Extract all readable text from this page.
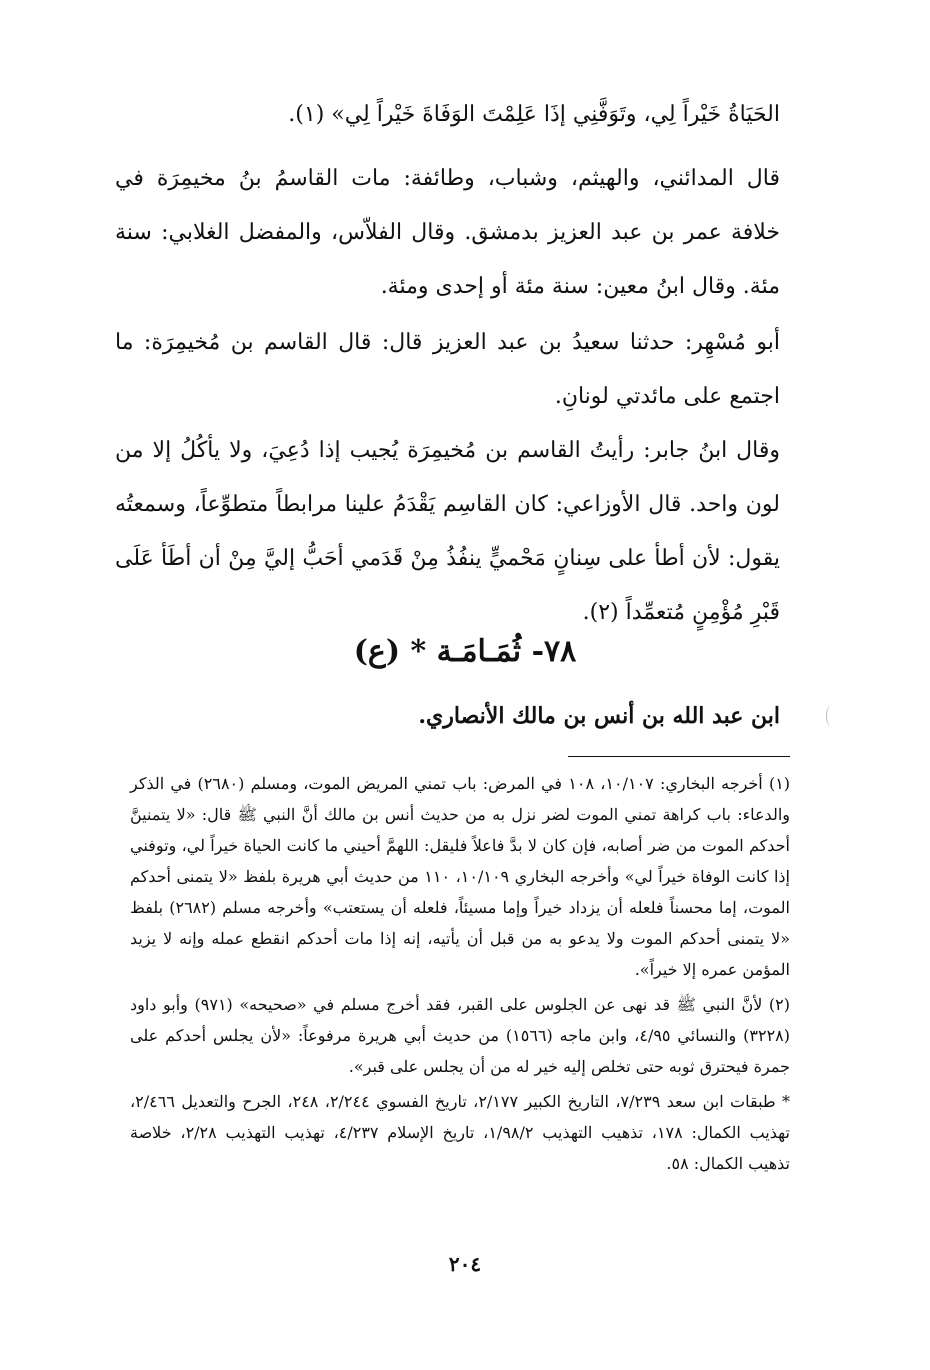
الحَيَاةُ خَيْراً لِي، وتَوَفَّنِي إذَا عَلِمْتَ الوَفَاةَ خَيْراً لِي» (١).

قال المدائني، والهيثم، وشباب، وطائفة: مات القاسمُ بنُ مخيمِرَة في خلافة عمر بن عبد العزيز بدمشق. وقال الفلاّس، والمفضل الغلابي: سنة مئة. وقال ابنُ معين: سنة مئة أو إحدى ومئة.

أبو مُسْهِر: حدثنا سعيدُ بن عبد العزيز قال: قال القاسم بن مُخيمِرَة: ما اجتمع على مائدتي لونانِ.

وقال ابنُ جابر: رأيتُ القاسم بن مُخيمِرَة يُجيب إذا دُعِيَ، ولا يأكُلُ إلا من لون واحد. قال الأوزاعي: كان القاسِم يَقْدَمُ علينا مرابطاً متطوِّعاً، وسمعتُه يقول: لأن أطأ على سِنانٍ مَحْميٍّ ينفُذُ مِنْ قَدَمي أحَبُّ إليَّ مِنْ أن أطَأ عَلَى قَبْرِ مُؤْمِنٍ مُتعمِّداً (٢).

٧٨- ثُمَـامَـة * (ع)

ابن عبد الله بن أنس بن مالك الأنصاري.

(١) أخرجه البخاري: ١٠/١٠٧، ١٠٨ في المرض: باب تمني المريض الموت، ومسلم (٢٦٨٠) في الذكر والدعاء: باب كراهة تمني الموت لضر نزل به من حديث أنس بن مالك أنَّ النبي ﷺ قال: «لا يتمنينَّ أحدكم الموت من ضر أصابه، فإن كان لا بدَّ فاعلاً فليقل: اللهمَّ أحيني ما كانت الحياة خيراً لي، وتوفني إذا كانت الوفاة خيراً لي» وأخرجه البخاري ١٠/١٠٩، ١١٠ من حديث أبي هريرة بلفظ «لا يتمنى أحدكم الموت، إما محسناً فلعله أن يزداد خيراً وإما مسيئاً، فلعله أن يستعتب» وأخرجه مسلم (٢٦٨٢) بلفظ «لا يتمنى أحدكم الموت ولا يدعو به من قبل أن يأتيه، إنه إذا مات أحدكم انقطع عمله وإنه لا يزيد المؤمن عمره إلا خيراً».

(٢) لأنَّ النبي ﷺ قد نهى عن الجلوس على القبر، فقد أخرج مسلم في «صحيحه» (٩٧١) وأبو داود (٣٢٢٨) والنسائي ٤/٩٥، وابن ماجه (١٥٦٦) من حديث أبي هريرة مرفوعاً: «لأن يجلس أحدكم على جمرة فيحترق ثوبه حتى تخلص إليه خير له من أن يجلس على قبر».

* طبقات ابن سعد ٧/٢٣٩، التاريخ الكبير ٢/١٧٧، تاريخ الفسوي ٢/٢٤٤، ٢٤٨، الجرح والتعديل ٢/٤٦٦، تهذيب الكمال: ١٧٨، تذهيب التهذيب ١/٩٨/٢، تاريخ الإسلام ٤/٢٣٧، تهذيب التهذيب ٢/٢٨، خلاصة تذهيب الكمال: ٥٨.

٢٠٤
